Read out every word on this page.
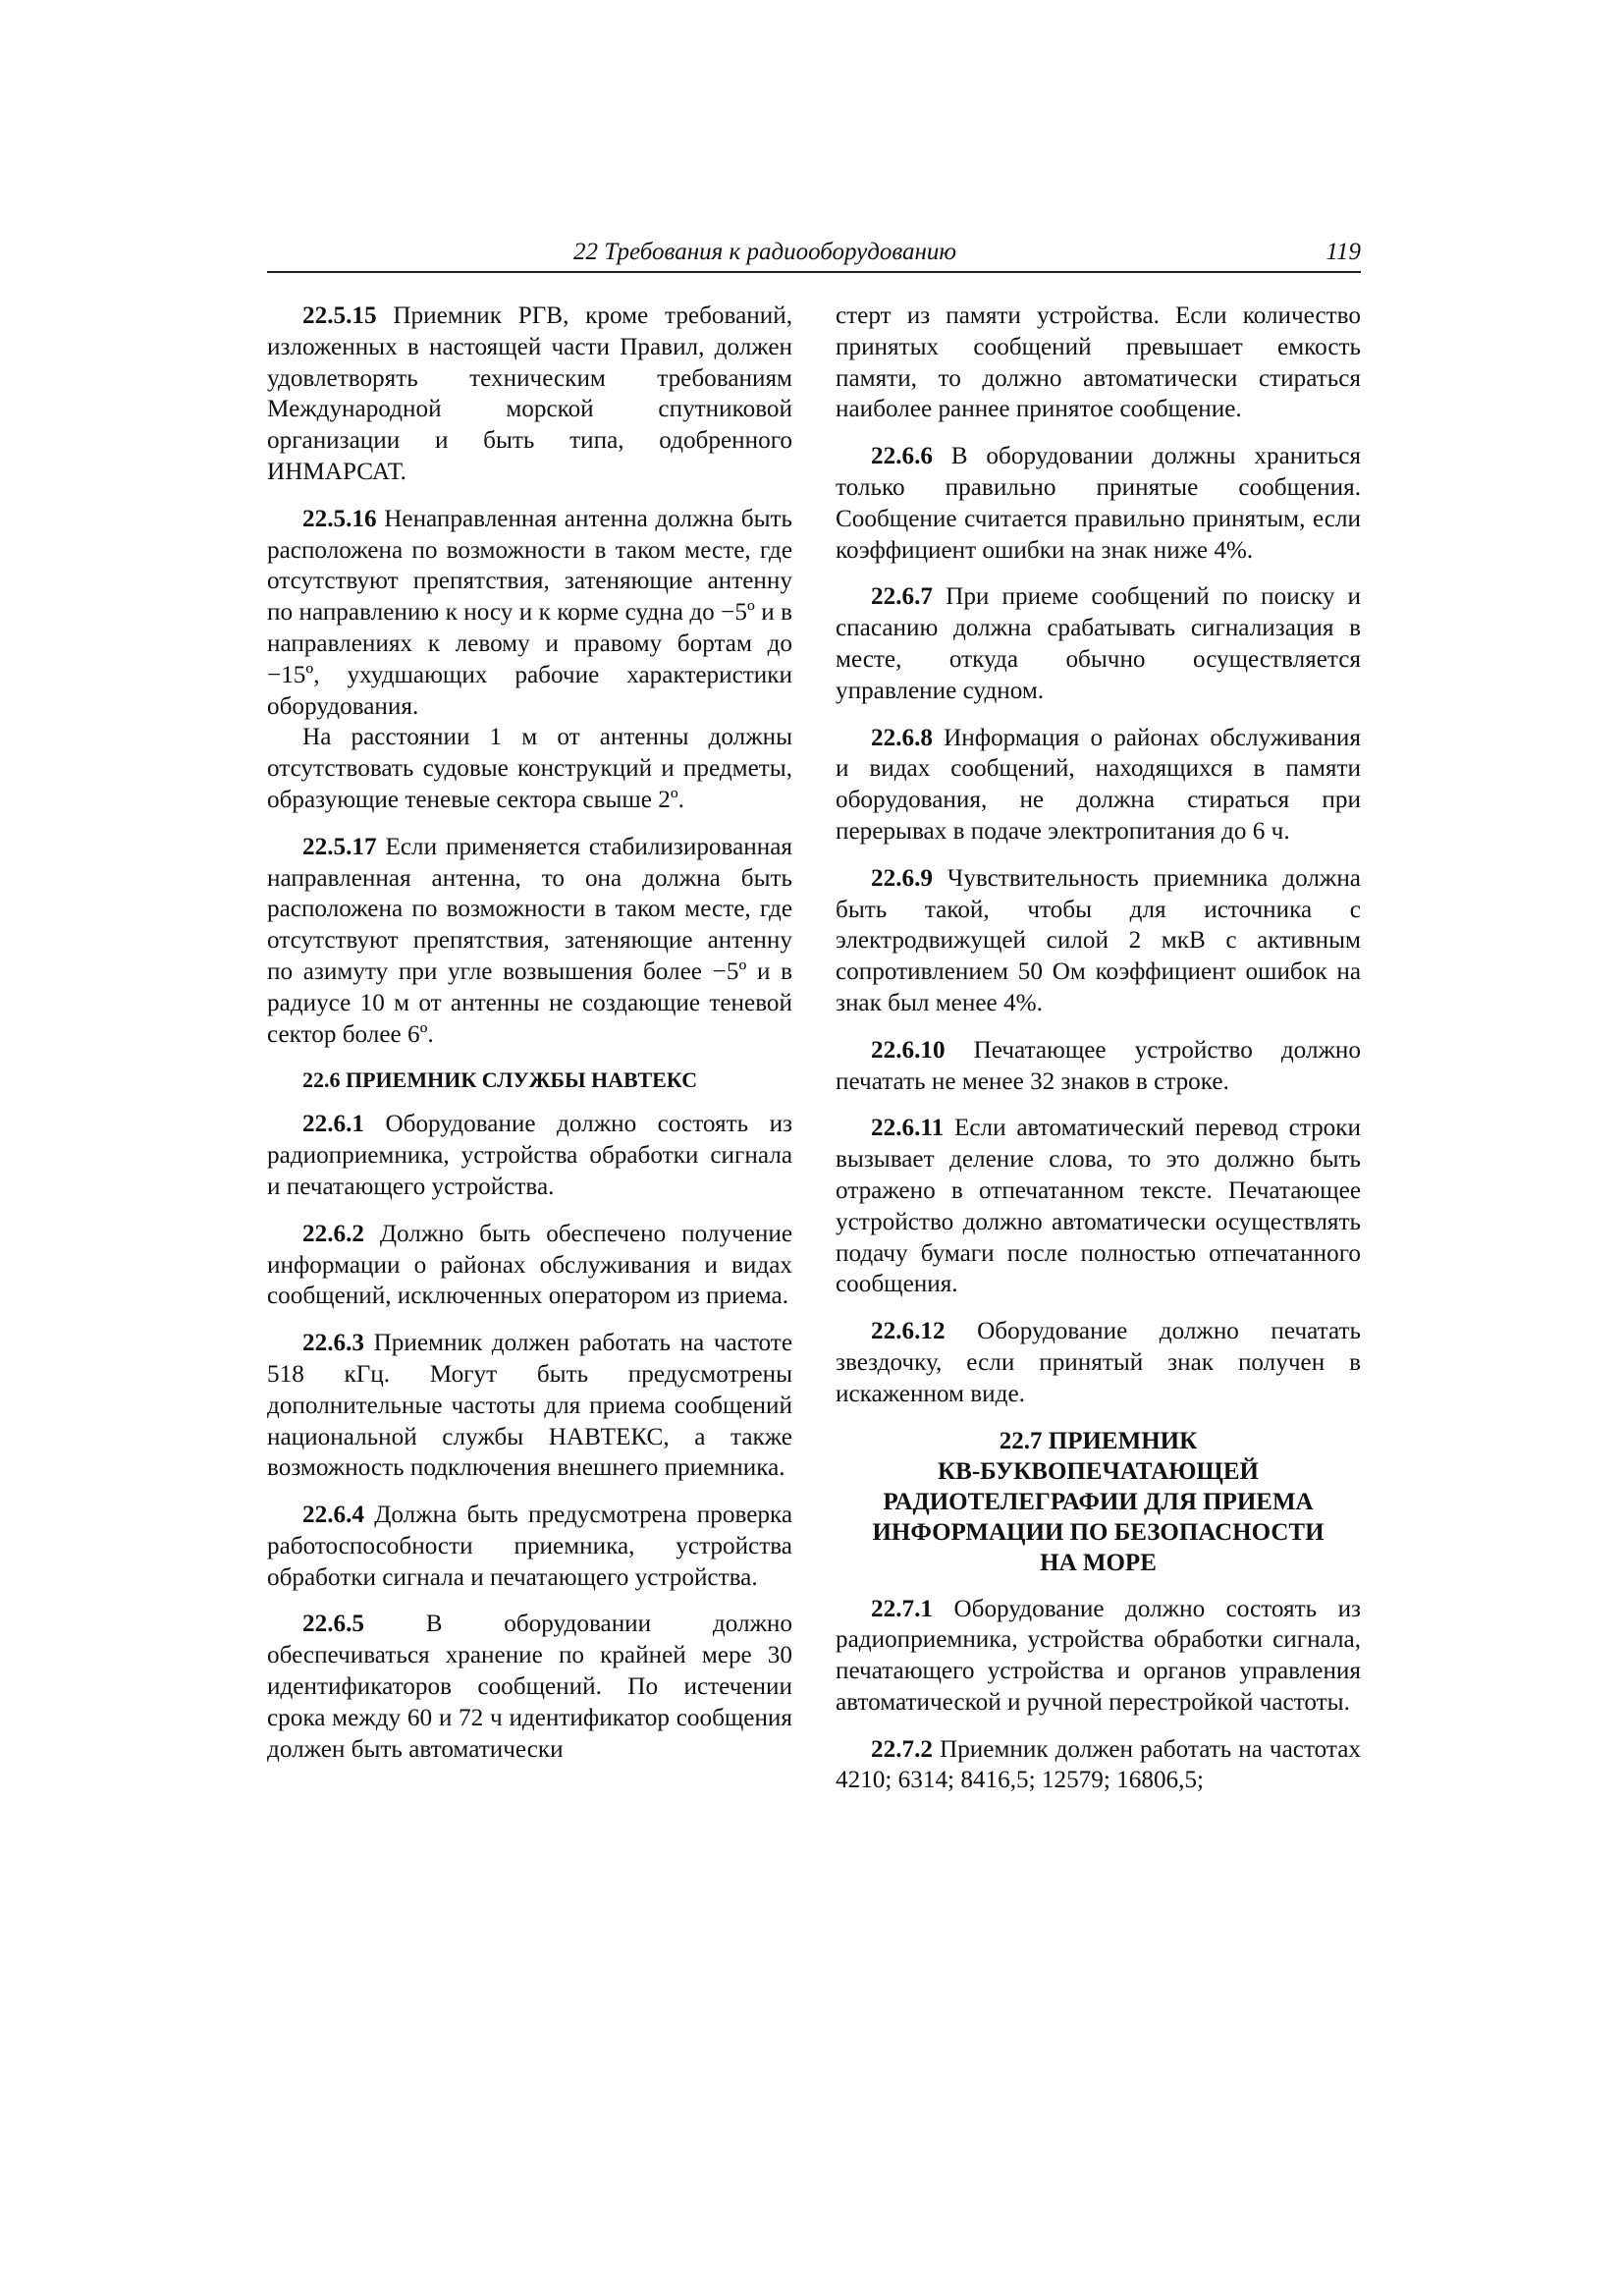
22 Требования к радиооборудованию	119

22.5.15 Приемник РГВ, кроме требований, изложенных в настоящей части Правил, должен удовлетворять техническим требованиям Международной морской спутниковой организации и быть типа, одобренного ИНМАРСАТ.

22.5.16 Ненаправленная антенна должна быть расположена по возможности в таком месте, где отсутствуют препятствия, затеняющие антенну по направлению к носу и к корме судна до −5º и в направлениях к левому и правому бортам до −15º, ухудшающих рабочие характеристики оборудования.

На расстоянии 1 м от антенны должны отсутствовать судовые конструкций и предметы, образующие теневые сектора свыше 2º.

22.5.17 Если применяется стабилизированная направленная антенна, то она должна быть расположена по возможности в таком месте, где отсутствуют препятствия, затеняющие антенну по азимуту при угле возвышения более −5º и в радиусе 10 м от антенны не создающие теневой сектор более 6º.

22.6 ПРИЕМНИК СЛУЖБЫ НАВТЕКС

22.6.1 Оборудование должно состоять из радиоприемника, устройства обработки сигнала и печатающего устройства.

22.6.2 Должно быть обеспечено получение информации о районах обслуживания и видах сообщений, исключенных оператором из приема.

22.6.3 Приемник должен работать на частоте 518 кГц. Могут быть предусмотрены дополнительные частоты для приема сообщений национальной службы НАВТЕКС, а также возможность подключения внешнего приемника.

22.6.4 Должна быть предусмотрена проверка работоспособности приемника, устройства обработки сигнала и печатающего устройства.

22.6.5 В оборудовании должно обеспечиваться хранение по крайней мере 30 идентификаторов сообщений. По истечении срока между 60 и 72 ч идентификатор сообщения должен быть автоматически

стерт из памяти устройства. Если количество принятых сообщений превышает емкость памяти, то должно автоматически стираться наиболее раннее принятое сообщение.

22.6.6 В оборудовании должны храниться только правильно принятые сообщения. Сообщение считается правильно принятым, если коэффициент ошибки на знак ниже 4%.

22.6.7 При приеме сообщений по поиску и спасанию должна срабатывать сигнализация в месте, откуда обычно осуществляется управление судном.

22.6.8 Информация о районах обслуживания и видах сообщений, находящихся в памяти оборудования, не должна стираться при перерывах в подаче электропитания до 6 ч.

22.6.9 Чувствительность приемника должна быть такой, чтобы для источника с электродвижущей силой 2 мкВ с активным сопротивлением 50 Ом коэффициент ошибок на знак был менее 4%.

22.6.10 Печатающее устройство должно печатать не менее 32 знаков в строке.

22.6.11 Если автоматический перевод строки вызывает деление слова, то это должно быть отражено в отпечатанном тексте. Печатающее устройство должно автоматически осуществлять подачу бумаги после полностью отпечатанного сообщения.

22.6.12 Оборудование должно печатать звездочку, если принятый знак получен в искаженном виде.

22.7 ПРИЕМНИК
КВ-БУКВОПЕЧАТАЮЩЕЙ
РАДИОТЕЛЕГРАФИИ ДЛЯ ПРИЕМА
ИНФОРМАЦИИ ПО БЕЗОПАСНОСТИ
НА МОРЕ

22.7.1 Оборудование должно состоять из радиоприемника, устройства обработки сигнала, печатающего устройства и органов управления автоматической и ручной перестройкой частоты.

22.7.2 Приемник должен работать на частотах 4210; 6314; 8416,5; 12579; 16806,5;
